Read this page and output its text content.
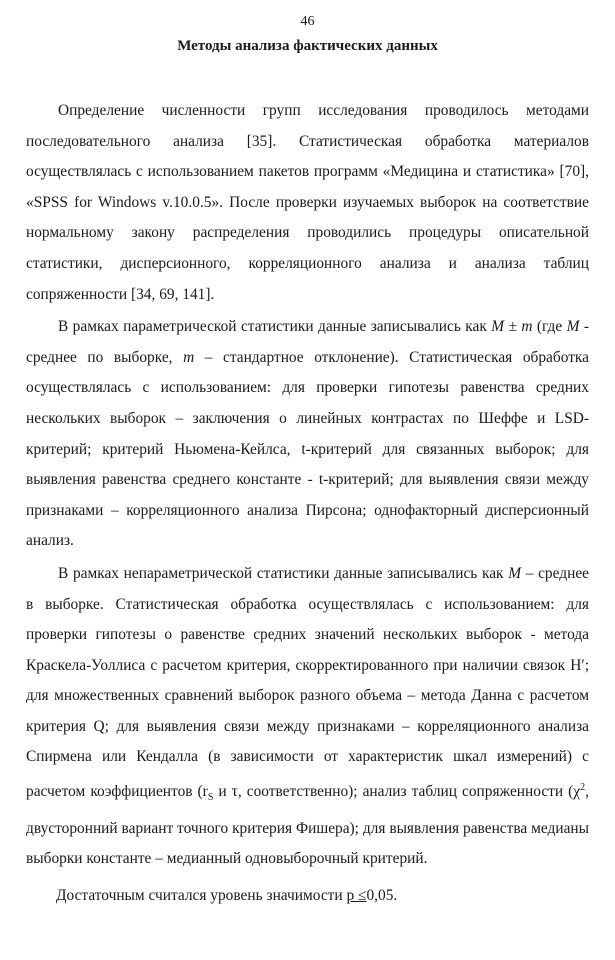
46
Методы анализа фактических данных

Определение численности групп исследования проводилось методами последовательного анализа [35]. Статистическая обработка материалов осуществлялась с использованием пакетов программ «Медицина и статистика» [70], «SPSS for Windows v.10.0.5». После проверки изучаемых выборок на соответствие нормальному закону распределения проводились процедуры описательной статистики, дисперсионного, корреляционного анализа и анализа таблиц сопряженности [34, 69, 141].

В рамках параметрической статистики данные записывались как M ± m (где M - среднее по выборке, m – стандартное отклонение). Статистическая обработка осуществлялась с использованием: для проверки гипотезы равенства средних нескольких выборок – заключения о линейных контрастах по Шеффе и LSD-критерий; критерий Ньюмена-Кейлса, t-критерий для связанных выборок; для выявления равенства среднего константе - t-критерий; для выявления связи между признаками – корреляционного анализа Пирсона; однофакторный дисперсионный анализ.

В рамках непараметрической статистики данные записывались как M – среднее в выборке. Статистическая обработка осуществлялась с использованием: для проверки гипотезы о равенстве средних значений нескольких выборок - метода Краскела-Уоллиса с расчетом критерия, скорректированного при наличии связок H′; для множественных сравнений выборок разного объема – метода Данна с расчетом критерия Q; для выявления связи между признаками – корреляционного анализа Спирмена или Кендалла (в зависимости от характеристик шкал измерений) с расчетом коэффициентов ($r_S$ и τ, соответственно); анализ таблиц сопряженности ($\chi^2$, двусторонний вариант точного критерия Фишера); для выявления равенства медианы выборки константе – медианный одновыборочный критерий.

Достаточным считался уровень значимости p ≤0,05.
